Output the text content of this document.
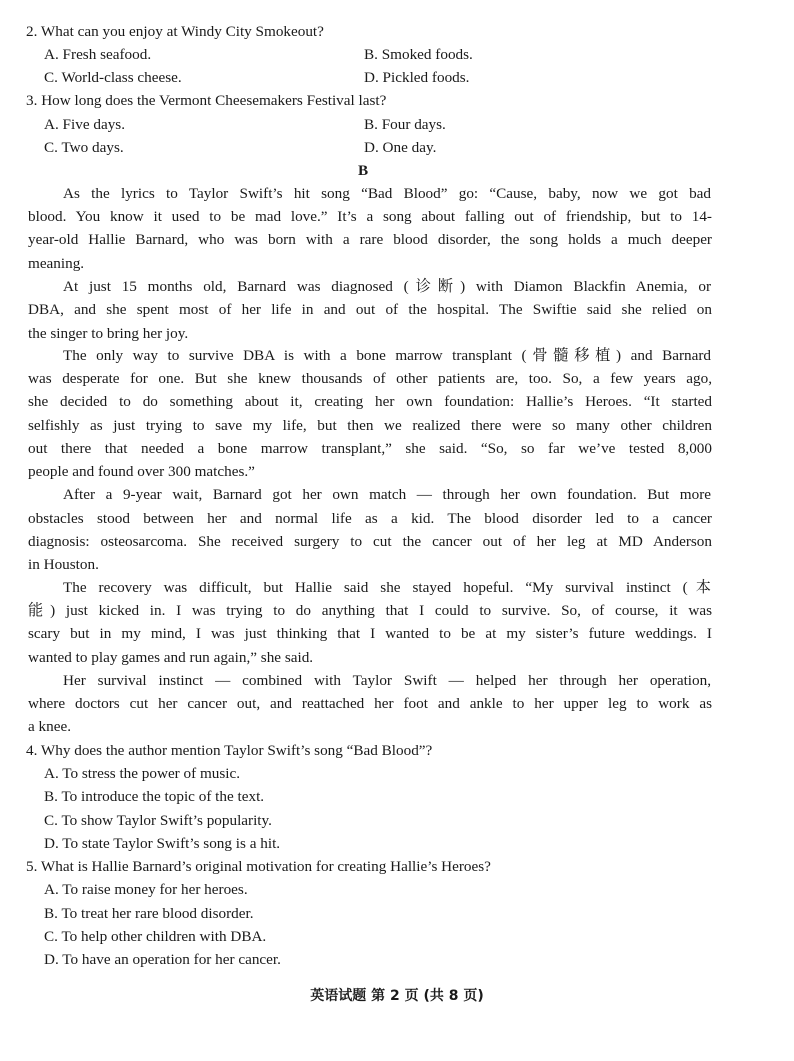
2. What can you enjoy at Windy City Smokeout?
A. Fresh seafood.	B. Smoked foods.
C. World-class cheese.	D. Pickled foods.
3. How long does the Vermont Cheesemakers Festival last?
A. Five days.	B. Four days.
C. Two days.	D. One day.
B
As the lyrics to Taylor Swift’s hit song “Bad Blood” go: “Cause, baby, now we got bad
blood. You know it used to be mad love.” It’s a song about falling out of friendship, but to 14-
year-old Hallie Barnard, who was born with a rare blood disorder, the song holds a much deeper
meaning.
At just 15 months old, Barnard was diagnosed (诊断) with Diamon Blackfin Anemia, or
DBA, and she spent most of her life in and out of the hospital. The Swiftie said she relied on
the singer to bring her joy.
The only way to survive DBA is with a bone marrow transplant (骨髓移植) and Barnard
was desperate for one. But she knew thousands of other patients are, too. So, a few years ago,
she decided to do something about it, creating her own foundation: Hallie’s Heroes. “It started
selfishly as just trying to save my life, but then we realized there were so many other children
out there that needed a bone marrow transplant,” she said. “So, so far we’ve tested 8,000
people and found over 300 matches.”
After a 9-year wait, Barnard got her own match — through her own foundation. But more
obstacles stood between her and normal life as a kid. The blood disorder led to a cancer
diagnosis: osteosarcoma. She received surgery to cut the cancer out of her leg at MD Anderson
in Houston.
The recovery was difficult, but Hallie said she stayed hopeful. “My survival instinct (本
能) just kicked in. I was trying to do anything that I could to survive. So, of course, it was
scary but in my mind, I was just thinking that I wanted to be at my sister’s future weddings. I
wanted to play games and run again,” she said.
Her survival instinct — combined with Taylor Swift — helped her through her operation,
where doctors cut her cancer out, and reattached her foot and ankle to her upper leg to work as
a knee.
4. Why does the author mention Taylor Swift’s song “Bad Blood”?
A. To stress the power of music.
B. To introduce the topic of the text.
C. To show Taylor Swift’s popularity.
D. To state Taylor Swift’s song is a hit.
5. What is Hallie Barnard’s original motivation for creating Hallie’s Heroes?
A. To raise money for her heroes.
B. To treat her rare blood disorder.
C. To help other children with DBA.
D. To have an operation for her cancer.
英语试题 第 2 页 (共 8 页)
